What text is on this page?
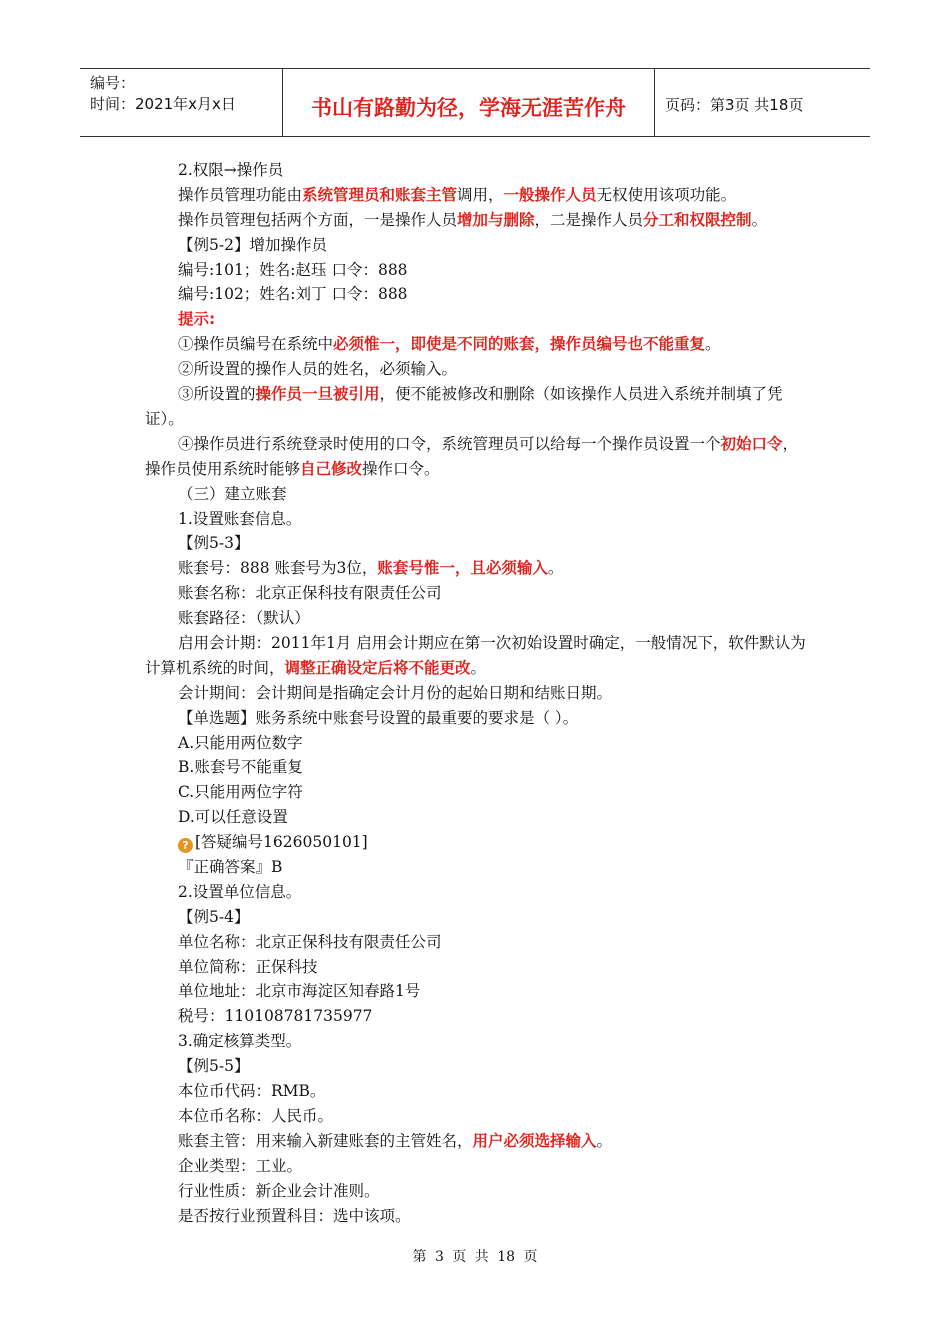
编号：
时间：2021年x月x日	书山有路勤为径，学海无涯苦作舟	页码：第3页 共18页
2.权限→操作员
操作员管理功能由系统管理员和账套主管调用，一般操作人员无权使用该项功能。
操作员管理包括两个方面，一是操作人员增加与删除，二是操作人员分工和权限控制。
【例5-2】增加操作员
编号:101；姓名:赵珏 口令：888
编号:102；姓名:刘丁 口令：888
提示:
①操作员编号在系统中必须惟一，即使是不同的账套，操作员编号也不能重复。
②所设置的操作人员的姓名，必须输入。
③所设置的操作员一旦被引用，便不能被修改和删除（如该操作人员进入系统并制填了凭证）。
④操作员进行系统登录时使用的口令，系统管理员可以给每一个操作员设置一个初始口令，操作员使用系统时能够自己修改操作口令。
（三）建立账套
1.设置账套信息。
【例5-3】
账套号：888 账套号为3位，账套号惟一，且必须输入。
账套名称：北京正保科技有限责任公司
账套路径：（默认）
启用会计期：2011年1月 启用会计期应在第一次初始设置时确定，一般情况下，软件默认为计算机系统的时间，调整正确设定后将不能更改。
会计期间：会计期间是指确定会计月份的起始日期和结账日期。
【单选题】账务系统中账套号设置的最重要的要求是（ ）。
A.只能用两位数字
B.账套号不能重复
C.只能用两位字符
D.可以任意设置
? [答疑编号1626050101]
『正确答案』B
2.设置单位信息。
【例5-4】
单位名称：北京正保科技有限责任公司
单位简称：正保科技
单位地址：北京市海淀区知春路1号
税号：110108781735977
3.确定核算类型。
【例5-5】
本位币代码：RMB。
本位币名称：人民币。
账套主管：用来输入新建账套的主管姓名，用户必须选择输入。
企业类型：工业。
行业性质：新企业会计准则。
是否按行业预置科目：选中该项。
第 3 页 共 18 页
